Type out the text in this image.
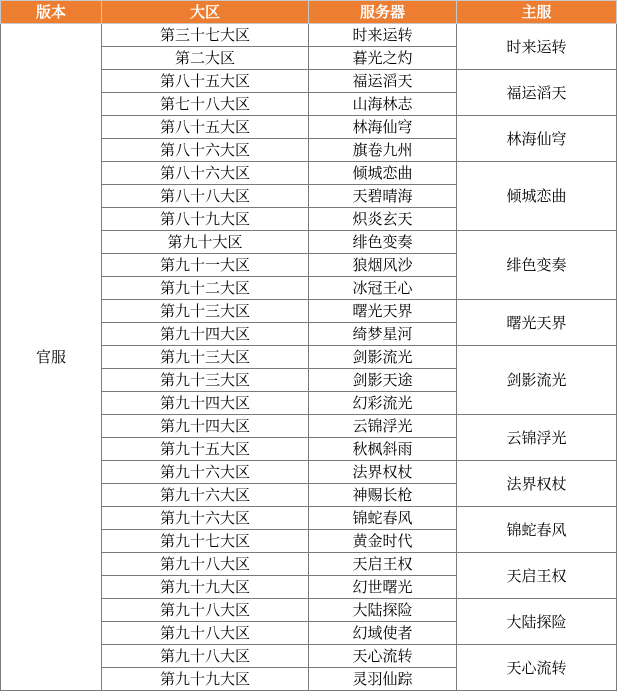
版本	大区	服务器	主服
官服	第三十七大区	时来运转	时来运转
	第二大区	暮光之灼	
	第八十五大区	福运滔天	福运滔天
	第七十八大区	山海林志	
	第八十五大区	林海仙穹	林海仙穹
	第八十六大区	旗卷九州	
	第八十六大区	倾城恋曲	倾城恋曲
	第八十八大区	天碧晴海	
	第八十九大区	炽炎玄天	
	第九十大区	绯色变奏	绯色变奏
	第九十一大区	狼烟风沙	
	第九十二大区	冰冠王心	
	第九十三大区	曙光天界	曙光天界
	第九十四大区	绮梦星河	
	第九十三大区	剑影流光	剑影流光
	第九十三大区	剑影天途	
	第九十四大区	幻彩流光	
	第九十四大区	云锦浮光	云锦浮光
	第九十五大区	秋枫斜雨	
	第九十六大区	法界权杖	法界权杖
	第九十六大区	神赐长枪	
	第九十六大区	锦蛇春风	锦蛇春风
	第九十七大区	黄金时代	
	第九十八大区	天启王权	天启王权
	第九十九大区	幻世曙光	
	第九十八大区	大陆探险	大陆探险
	第九十八大区	幻域使者	
	第九十八大区	天心流转	天心流转
	第九十九大区	灵羽仙踪	
